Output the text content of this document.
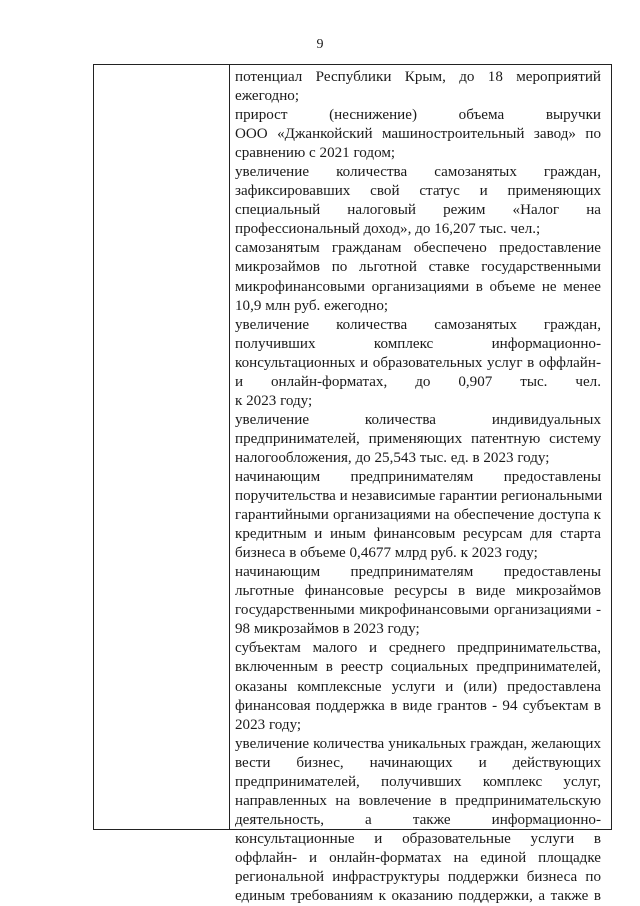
9
потенциал Республики Крым, до 18 мероприятий
ежегодно;
прирост (неснижение) объема выручки
ООО «Джанкойский машиностроительный завод» по
сравнению с 2021 годом;
увеличение количества самозанятых граждан,
зафиксировавших свой статус и применяющих
специальный налоговый режим «Налог на
профессиональный доход», до 16,207 тыс. чел.;
самозанятым гражданам обеспечено предоставление
микрозаймов по льготной ставке государственными
микрофинансовыми организациями в объеме не менее
10,9 млн руб. ежегодно;
увеличение количества самозанятых граждан,
получивших комплекс информационно-
консультационных и образовательных услуг в оффлайн-
и онлайн-форматах, до 0,907 тыс. чел.
к 2023 году;
увеличение количества индивидуальных
предпринимателей, применяющих патентную систему
налогообложения, до 25,543 тыс. ед. в 2023 году;
начинающим предпринимателям предоставлены
поручительства и независимые гарантии региональными
гарантийными организациями на обеспечение доступа к
кредитным и иным финансовым ресурсам для старта
бизнеса в объеме 0,4677 млрд руб. к 2023 году;
начинающим предпринимателям предоставлены
льготные финансовые ресурсы в виде микрозаймов
государственными микрофинансовыми организациями -
98 микрозаймов в 2023 году;
субъектам малого и среднего предпринимательства,
включенным в реестр социальных предпринимателей,
оказаны комплексные услуги и (или) предоставлена
финансовая поддержка в виде грантов - 94 субъектам в
2023 году;
увеличение количества уникальных граждан, желающих
вести бизнес, начинающих и действующих
предпринимателей, получивших комплекс услуг,
направленных на вовлечение в предпринимательскую
деятельность, а также информационно-
консультационные и образовательные услуги в
оффлайн- и онлайн-форматах на единой площадке
региональной инфраструктуры поддержки бизнеса по
единым требованиям к оказанию поддержки, а также в
